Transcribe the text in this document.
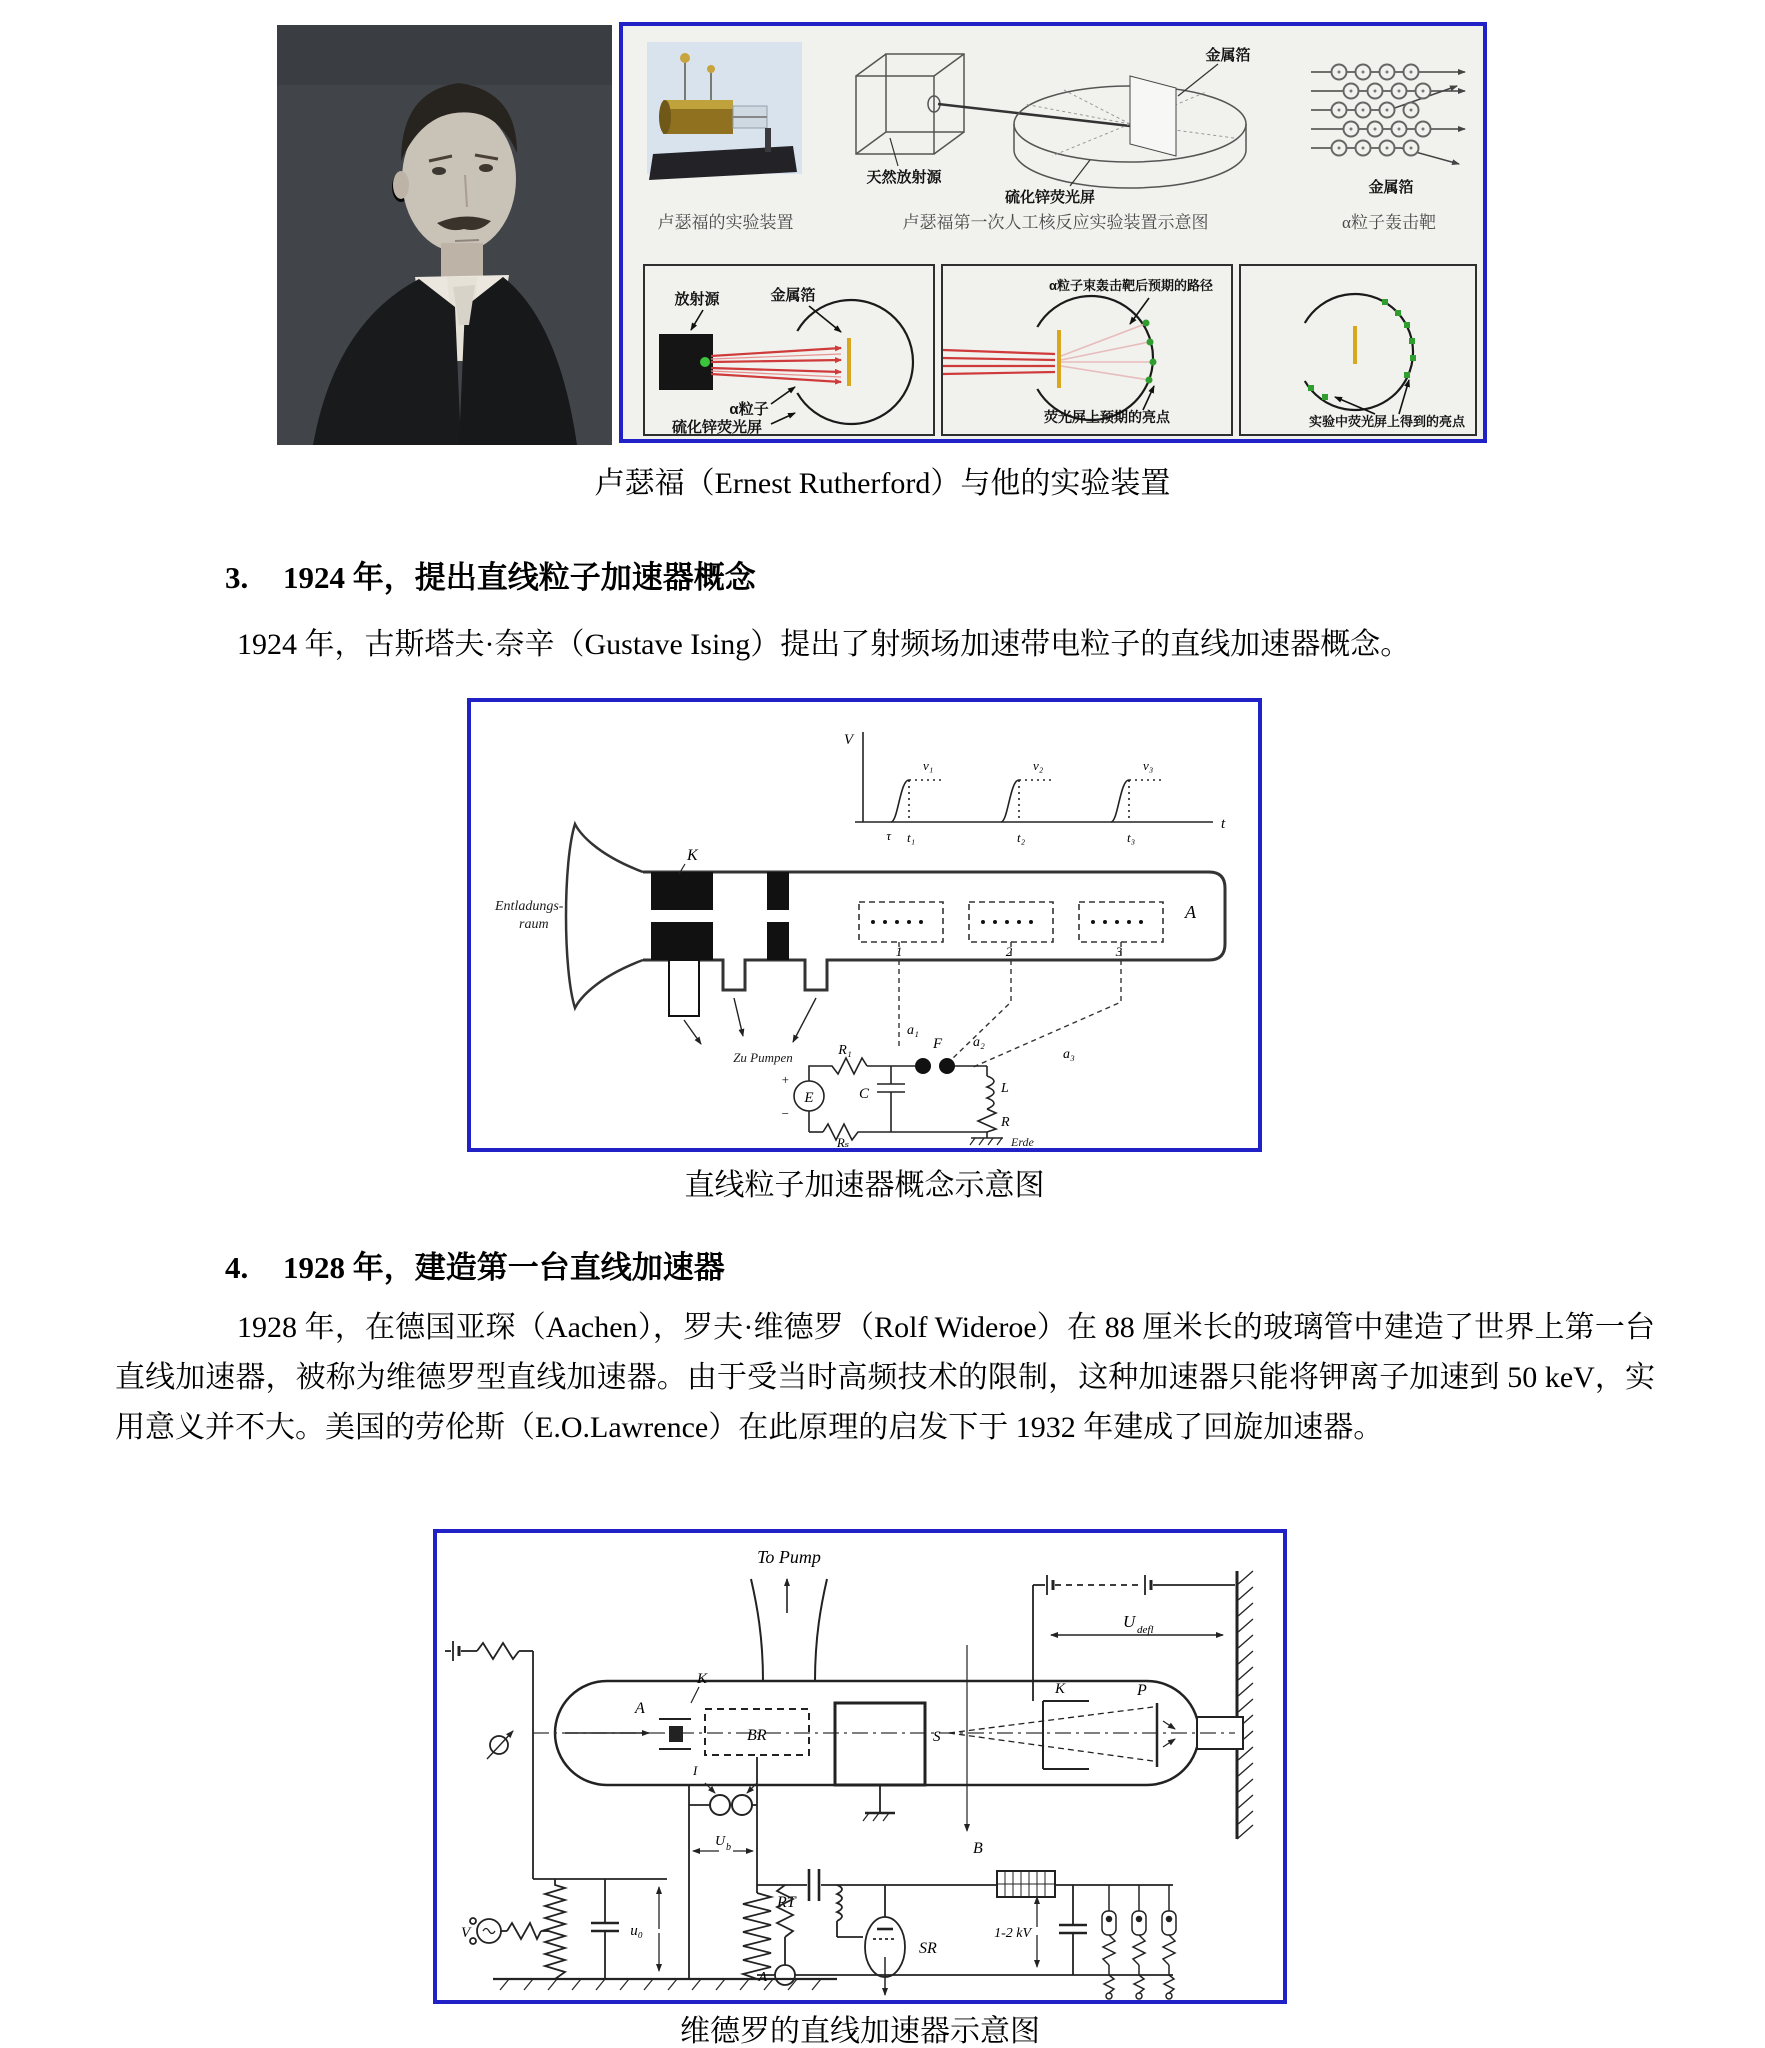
卢瑟福的实验装置
金属箔
天然放射源
硫化锌荧光屏
卢瑟福第一次人工核反应实验装置示意图
金属箔
α粒子轰击靶
放射源	金属箔
α粒子
硫化锌荧光屏
α粒子束轰击靶后预期的路径
荧光屏上预期的亮点	实验中荧光屏上得到的亮点
卢瑟福（Ernest Rutherford）与他的实验装置
3. 1924 年，提出直线粒子加速器概念

1924 年，古斯塔夫·奈辛（Gustave Ising）提出了射频场加速带电粒子的直线加速器概念。

V
t
v₁	v₂	v₃
τ t₁	t₂	t₃
K
A
Entladungs-
raum
1	2	3
Zu Pumpen
a₁
a₂
a₃
F
E
+
−
R₁
C	L
R
Rₛ	Erde
直线粒子加速器概念示意图
4. 1928 年，建造第一台直线加速器

1928 年，在德国亚琛（Aachen），罗夫·维德罗（Rolf Wideroe）在 88 厘米长的玻璃管中建造了世界上第一台直线加速器，被称为维德罗型直线加速器。由于受当时高频技术的限制，这种加速器只能将钾离子加速到 50 keV，实用意义并不大。美国的劳伦斯（E.O.Lawrence）在此原理的启发下于 1932 年建成了回旋加速器。

To Pump
U defl
A
K
BR
I
S
K	P
B
U b
V	u₀
RT
A
SR
1-2 kV
维德罗的直线加速器示意图
